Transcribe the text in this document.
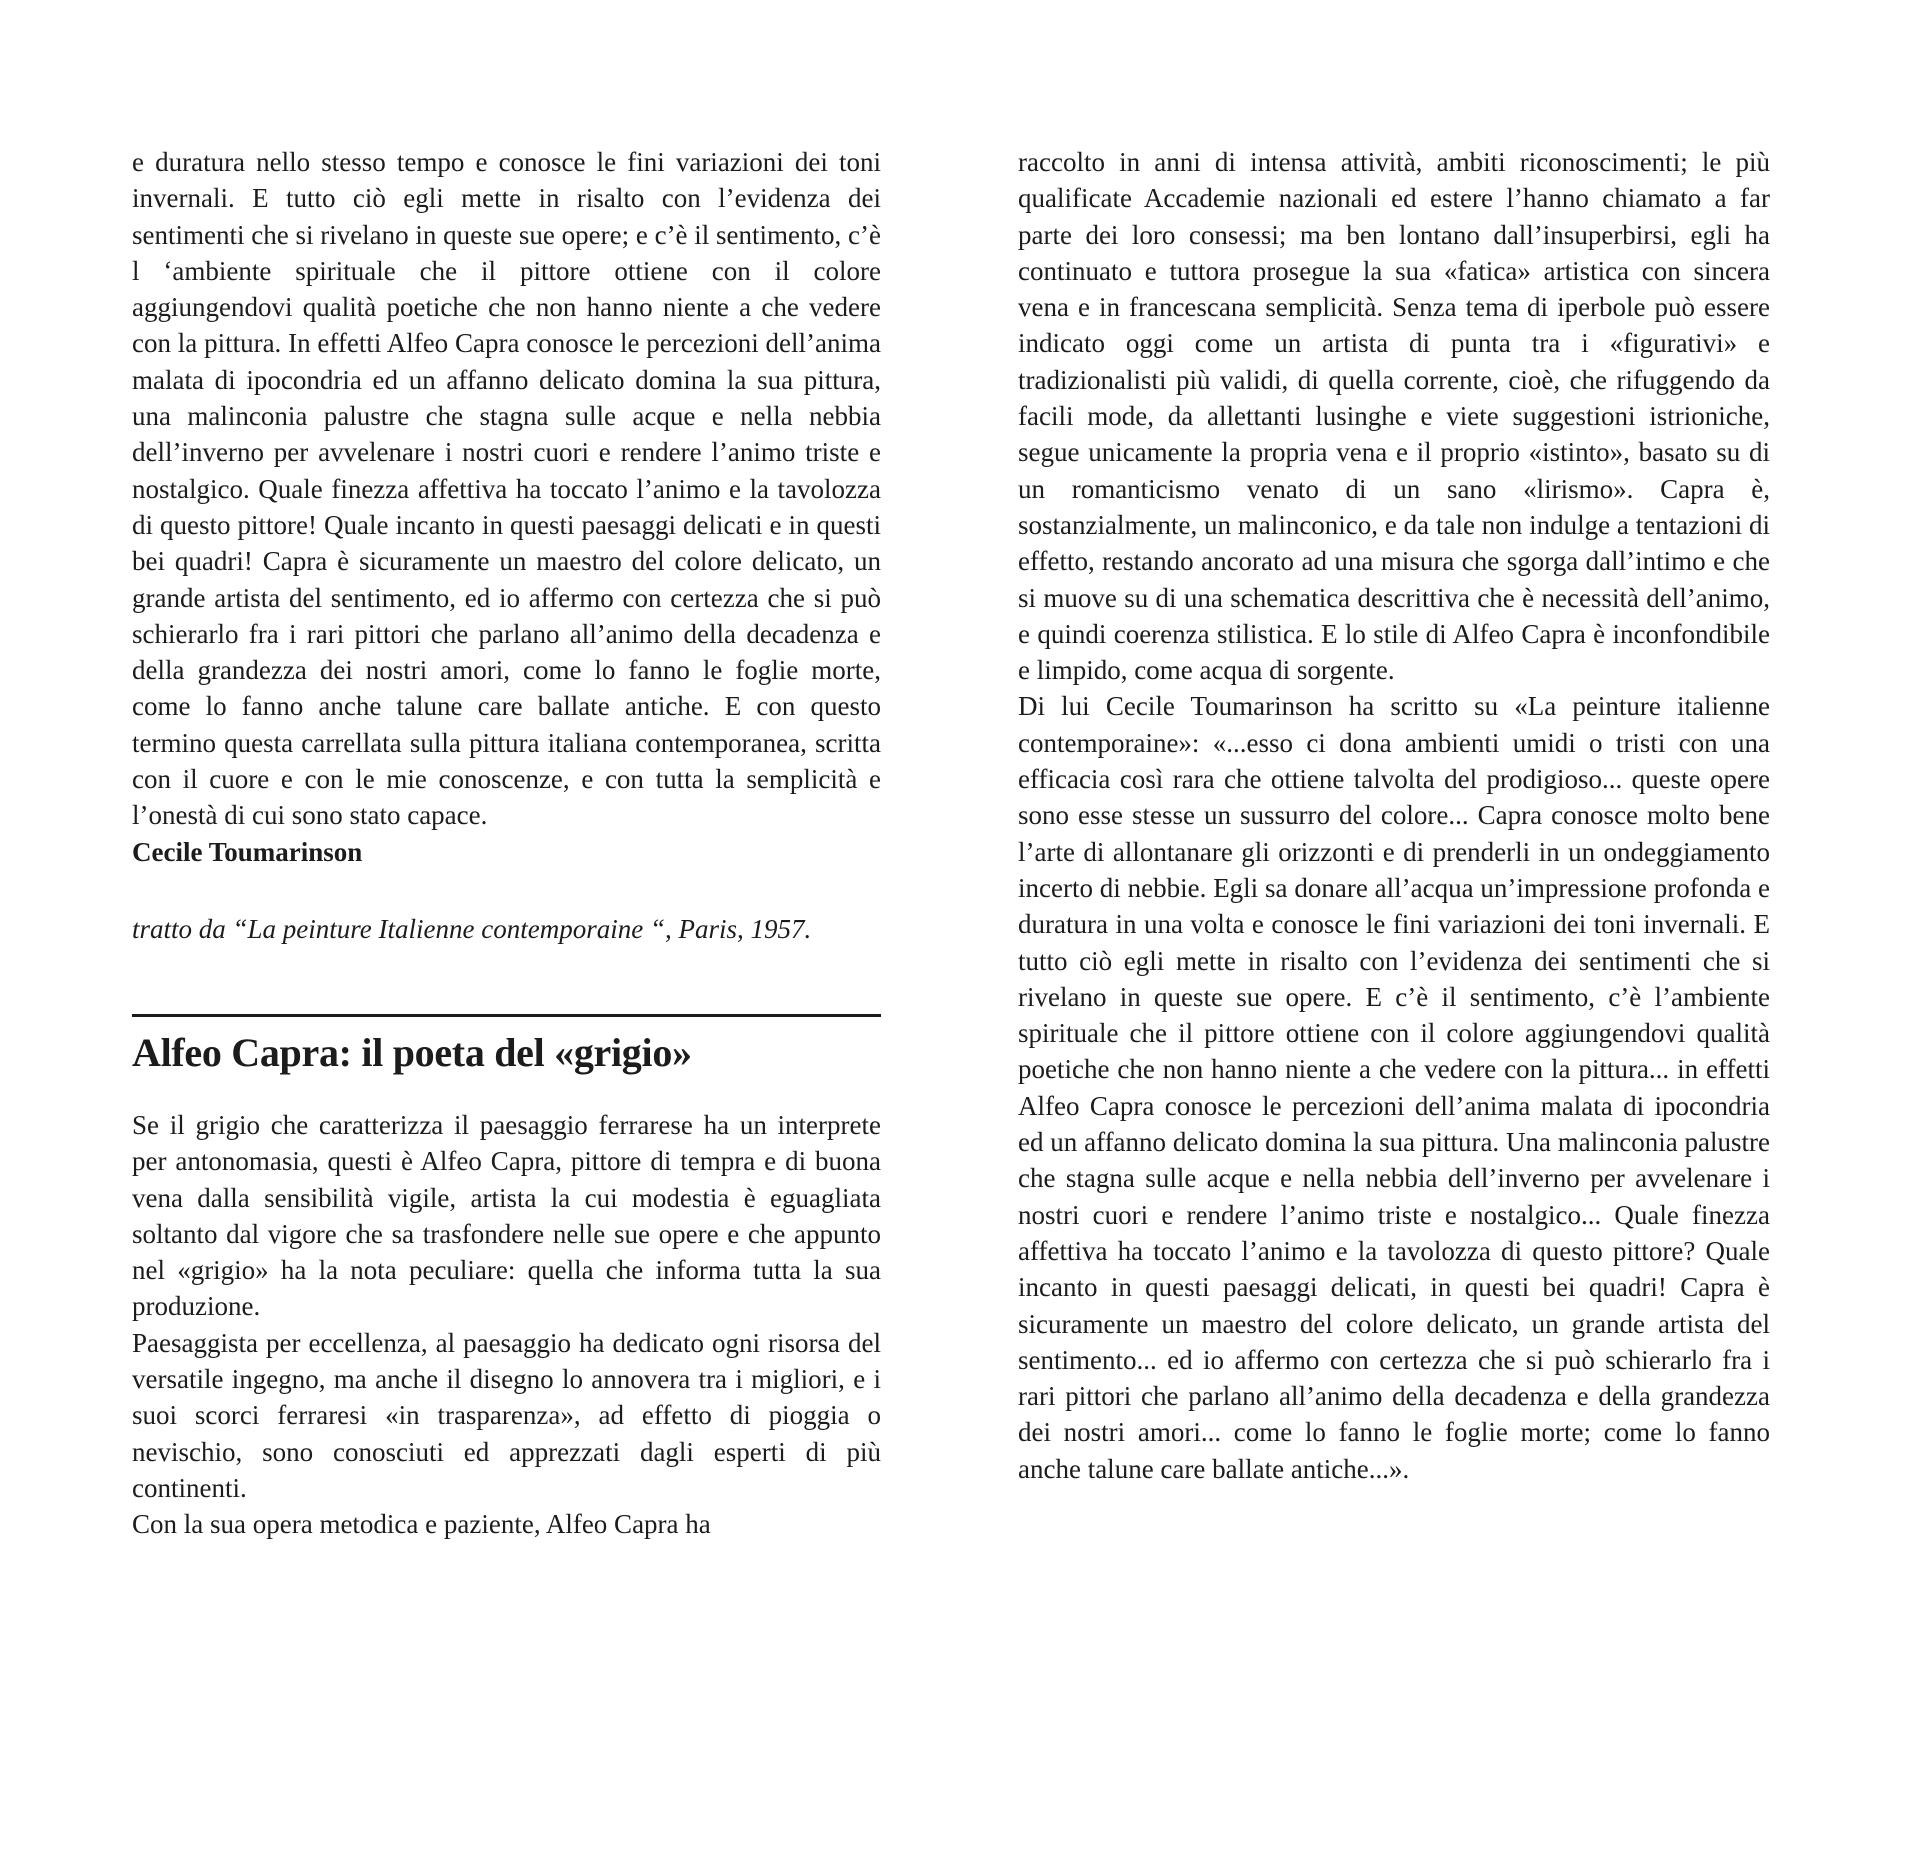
e duratura nello stesso tempo e conosce le fini variazioni dei toni invernali. E tutto ciò egli mette in risalto con l’evidenza dei sentimenti che si rivelano in queste sue opere; e c’è il sentimento, c’è l ‘ambiente spirituale che il pittore ottiene con il colore aggiungendovi qualità poetiche che non hanno niente a che vedere con la pittura. In effetti Alfeo Capra conosce le percezioni dell’anima malata di ipocondria ed un affanno delicato domina la sua pittura, una malinconia palustre che stagna sulle acque e nella nebbia dell’inverno per avvelenare i nostri cuori e rendere l’animo triste e nostalgico. Quale finezza affettiva ha toccato l’animo e la tavolozza di questo pittore! Quale incanto in questi paesaggi delicati e in questi bei quadri! Capra è sicuramente un maestro del colore delicato, un grande artista del sentimento, ed io affermo con certezza che si può schierarlo fra i rari pittori che parlano all’animo della decadenza e della grandezza dei nostri amori, come lo fanno le foglie morte, come lo fanno anche talune care ballate antiche. E con questo termino questa carrellata sulla pittura italiana contemporanea, scritta con il cuore e con le mie conoscenze, e con tutta la semplicità e l’onestà di cui sono stato capace.

Cecile Toumarinson

tratto da “La peinture Italienne contemporaine “, Paris, 1957.

Alfeo Capra: il poeta del «grigio»

Se il grigio che caratterizza il paesaggio ferrarese ha un interprete per antonomasia, questi è Alfeo Capra, pittore di tempra e di buona vena dalla sensibilità vigile, artista la cui modestia è eguagliata soltanto dal vigore che sa trasfondere nelle sue opere e che appunto nel «grigio» ha la nota peculiare: quella che informa tutta la sua produzione.

Paesaggista per eccellenza, al paesaggio ha dedicato ogni risorsa del versatile ingegno, ma anche il disegno lo annovera tra i migliori, e i suoi scorci ferraresi «in trasparenza», ad effetto di pioggia o nevischio, sono conosciuti ed apprezzati dagli esperti di più continenti.

Con la sua opera metodica e paziente, Alfeo Capra ha

raccolto in anni di intensa attività, ambiti riconoscimenti; le più qualificate Accademie nazionali ed estere l’hanno chiamato a far parte dei loro consessi; ma ben lontano dall’insuperbirsi, egli ha continuato e tuttora prosegue la sua «fatica» artistica con sincera vena e in francescana semplicità. Senza tema di iperbole può essere indicato oggi come un artista di punta tra i «figurativi» e tradizionalisti più validi, di quella corrente, cioè, che rifuggendo da facili mode, da allettanti lusinghe e viete suggestioni istrioniche, segue unicamente la propria vena e il proprio «istinto», basato su di un romanticismo venato di un sano «lirismo». Capra è, sostanzialmente, un malinconico, e da tale non indulge a tentazioni di effetto, restando ancorato ad una misura che sgorga dall’intimo e che si muove su di una schematica descrittiva che è necessità dell’animo, e quindi coerenza stilistica. E lo stile di Alfeo Capra è inconfondibile e limpido, come acqua di sorgente.

Di lui Cecile Toumarinson ha scritto su «La peinture italienne contemporaine»: «...esso ci dona ambienti umidi o tristi con una efficacia così rara che ottiene talvolta del prodigioso... queste opere sono esse stesse un sussurro del colore... Capra conosce molto bene l’arte di allontanare gli orizzonti e di prenderli in un ondeggiamento incerto di nebbie. Egli sa donare all’acqua un’impressione profonda e duratura in una volta e conosce le fini variazioni dei toni invernali. E tutto ciò egli mette in risalto con l’evidenza dei sentimenti che si rivelano in queste sue opere. E c’è il sentimento, c’è l’ambiente spirituale che il pittore ottiene con il colore aggiungendovi qualità poetiche che non hanno niente a che vedere con la pittura... in effetti Alfeo Capra conosce le percezioni dell’anima malata di ipocondria ed un affanno delicato domina la sua pittura. Una malinconia palustre che stagna sulle acque e nella nebbia dell’inverno per avvelenare i nostri cuori e rendere l’animo triste e nostalgico... Quale finezza affettiva ha toccato l’animo e la tavolozza di questo pittore? Quale incanto in questi paesaggi delicati, in questi bei quadri! Capra è sicuramente un maestro del colore delicato, un grande artista del sentimento... ed io affermo con certezza che si può schierarlo fra i rari pittori che parlano all’animo della decadenza e della grandezza dei nostri amori... come lo fanno le foglie morte; come lo fanno anche talune care ballate antiche...».
